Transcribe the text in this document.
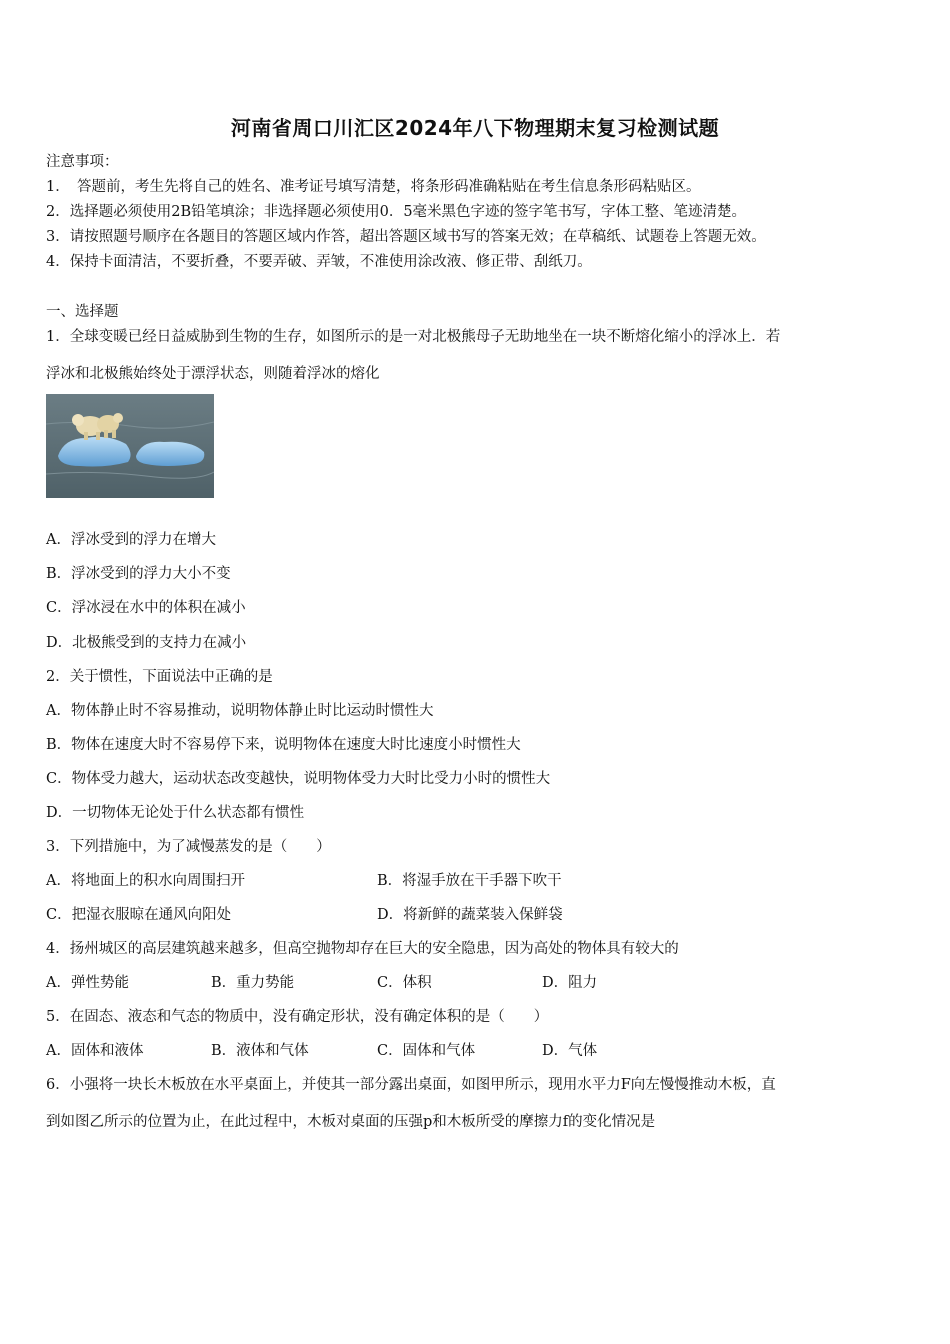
河南省周口川汇区2024年八下物理期末复习检测试题
注意事项：
1．　答题前，考生先将自己的姓名、准考证号填写清楚，将条形码准确粘贴在考生信息条形码粘贴区。
2．选择题必须使用2B铅笔填涂；非选择题必须使用0．5毫米黑色字迹的签字笔书写，字体工整、笔迹清楚。
3．请按照题号顺序在各题目的答题区域内作答，超出答题区域书写的答案无效；在草稿纸、试题卷上答题无效。
4．保持卡面清洁，不要折叠，不要弄破、弄皱，不准使用涂改液、修正带、刮纸刀。
一、选择题
1．全球变暖已经日益威胁到生物的生存，如图所示的是一对北极熊母子无助地坐在一块不断熔化缩小的浮冰上．若
浮冰和北极熊始终处于漂浮状态，则随着浮冰的熔化
A．浮冰受到的浮力在增大
B．浮冰受到的浮力大小不变
C．浮冰浸在水中的体积在减小
D．北极熊受到的支持力在减小
2．关于惯性，下面说法中正确的是
A．物体静止时不容易推动，说明物体静止时比运动时惯性大
B．物体在速度大时不容易停下来，说明物体在速度大时比速度小时惯性大
C．物体受力越大，运动状态改变越快，说明物体受力大时比受力小时的惯性大
D．一切物体无论处于什么状态都有惯性
3．下列措施中，为了减慢蒸发的是（　　）
A．将地面上的积水向周围扫开	B．将湿手放在干手器下吹干
C．把湿衣服晾在通风向阳处	D．将新鲜的蔬菜装入保鲜袋
4．扬州城区的高层建筑越来越多，但高空抛物却存在巨大的安全隐患，因为高处的物体具有较大的
A．弹性势能	B．重力势能	C．体积	D．阻力
5．在固态、液态和气态的物质中，没有确定形状，没有确定体积的是（　　）
A．固体和液体	B．液体和气体	C．固体和气体	D．气体
6．小强将一块长木板放在水平桌面上，并使其一部分露出桌面，如图甲所示，现用水平力F向左慢慢推动木板，直
到如图乙所示的位置为止，在此过程中，木板对桌面的压强p和木板所受的摩擦力f的变化情况是
